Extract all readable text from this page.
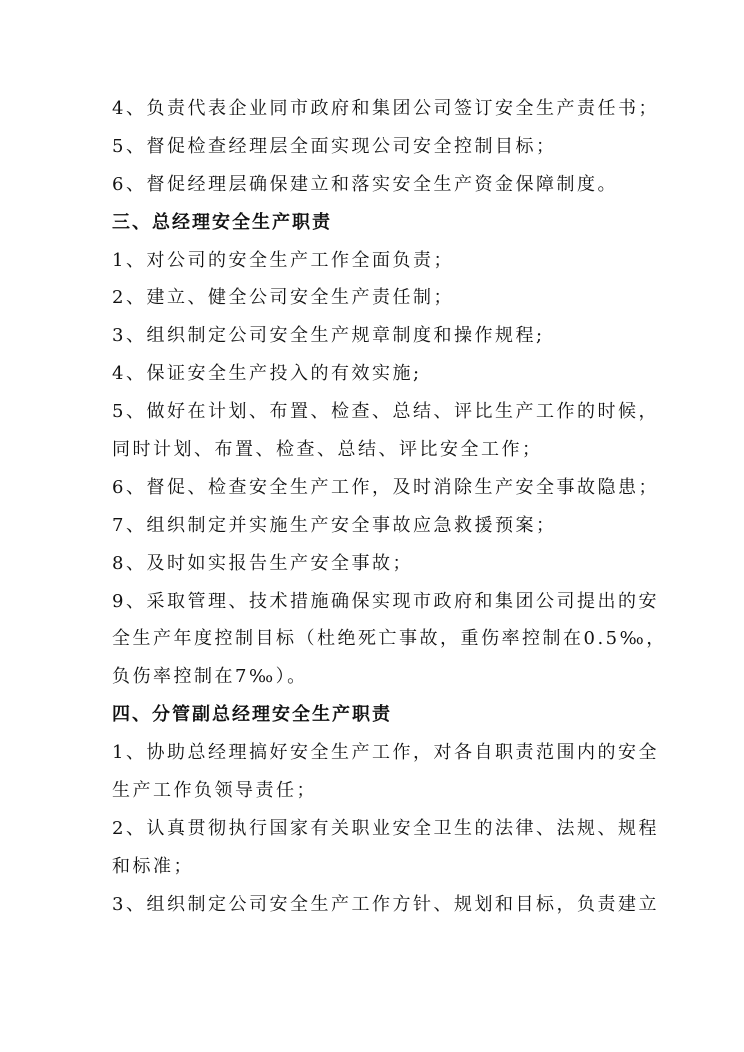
4、负责代表企业同市政府和集团公司签订安全生产责任书；
5、督促检查经理层全面实现公司安全控制目标；
6、督促经理层确保建立和落实安全生产资金保障制度。
三、总经理安全生产职责
1、对公司的安全生产工作全面负责；
2、建立、健全公司安全生产责任制；
3、组织制定公司安全生产规章制度和操作规程;
4、保证安全生产投入的有效实施;
5、做好在计划、布置、检查、总结、评比生产工作的时候，
同时计划、布置、检查、总结、评比安全工作；
6、督促、检查安全生产工作，及时消除生产安全事故隐患；
7、组织制定并实施生产安全事故应急救援预案；
8、及时如实报告生产安全事故；
9、采取管理、技术措施确保实现市政府和集团公司提出的安
全生产年度控制目标（杜绝死亡事故，重伤率控制在0.5‰，
负伤率控制在7‰）。
四、分管副总经理安全生产职责
1、协助总经理搞好安全生产工作，对各自职责范围内的安全
生产工作负领导责任；
2、认真贯彻执行国家有关职业安全卫生的法律、法规、规程
和标准；
3、组织制定公司安全生产工作方针、规划和目标，负责建立
